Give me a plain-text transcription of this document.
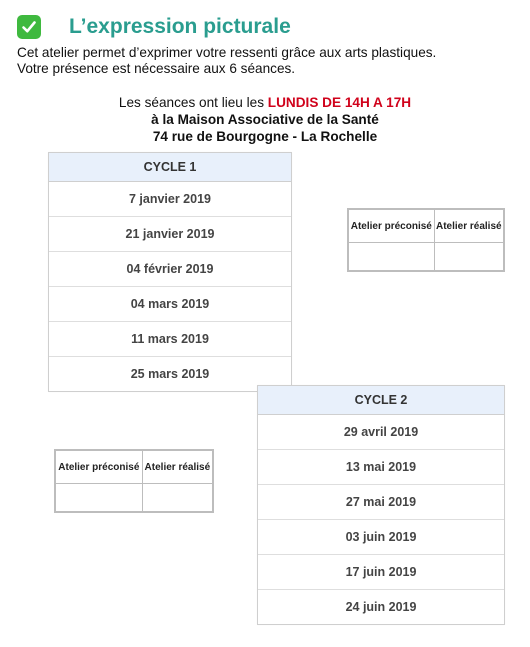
L’expression picturale
Cet atelier permet d’exprimer votre ressenti grâce aux arts plastiques.
Votre présence est nécessaire aux 6 séances.
Les séances ont lieu les LUNDIS DE 14H A 17H
à la Maison Associative de la Santé
74 rue de Bourgogne - La Rochelle
CYCLE 1
7 janvier 2019
21 janvier 2019
04 février 2019
04 mars 2019
11 mars 2019
25 mars 2019
Atelier préconisé	Atelier réalisé

CYCLE 2
29 avril 2019
13 mai 2019
27 mai 2019
03 juin 2019
17 juin 2019
24 juin 2019
Atelier préconisé	Atelier réalisé
